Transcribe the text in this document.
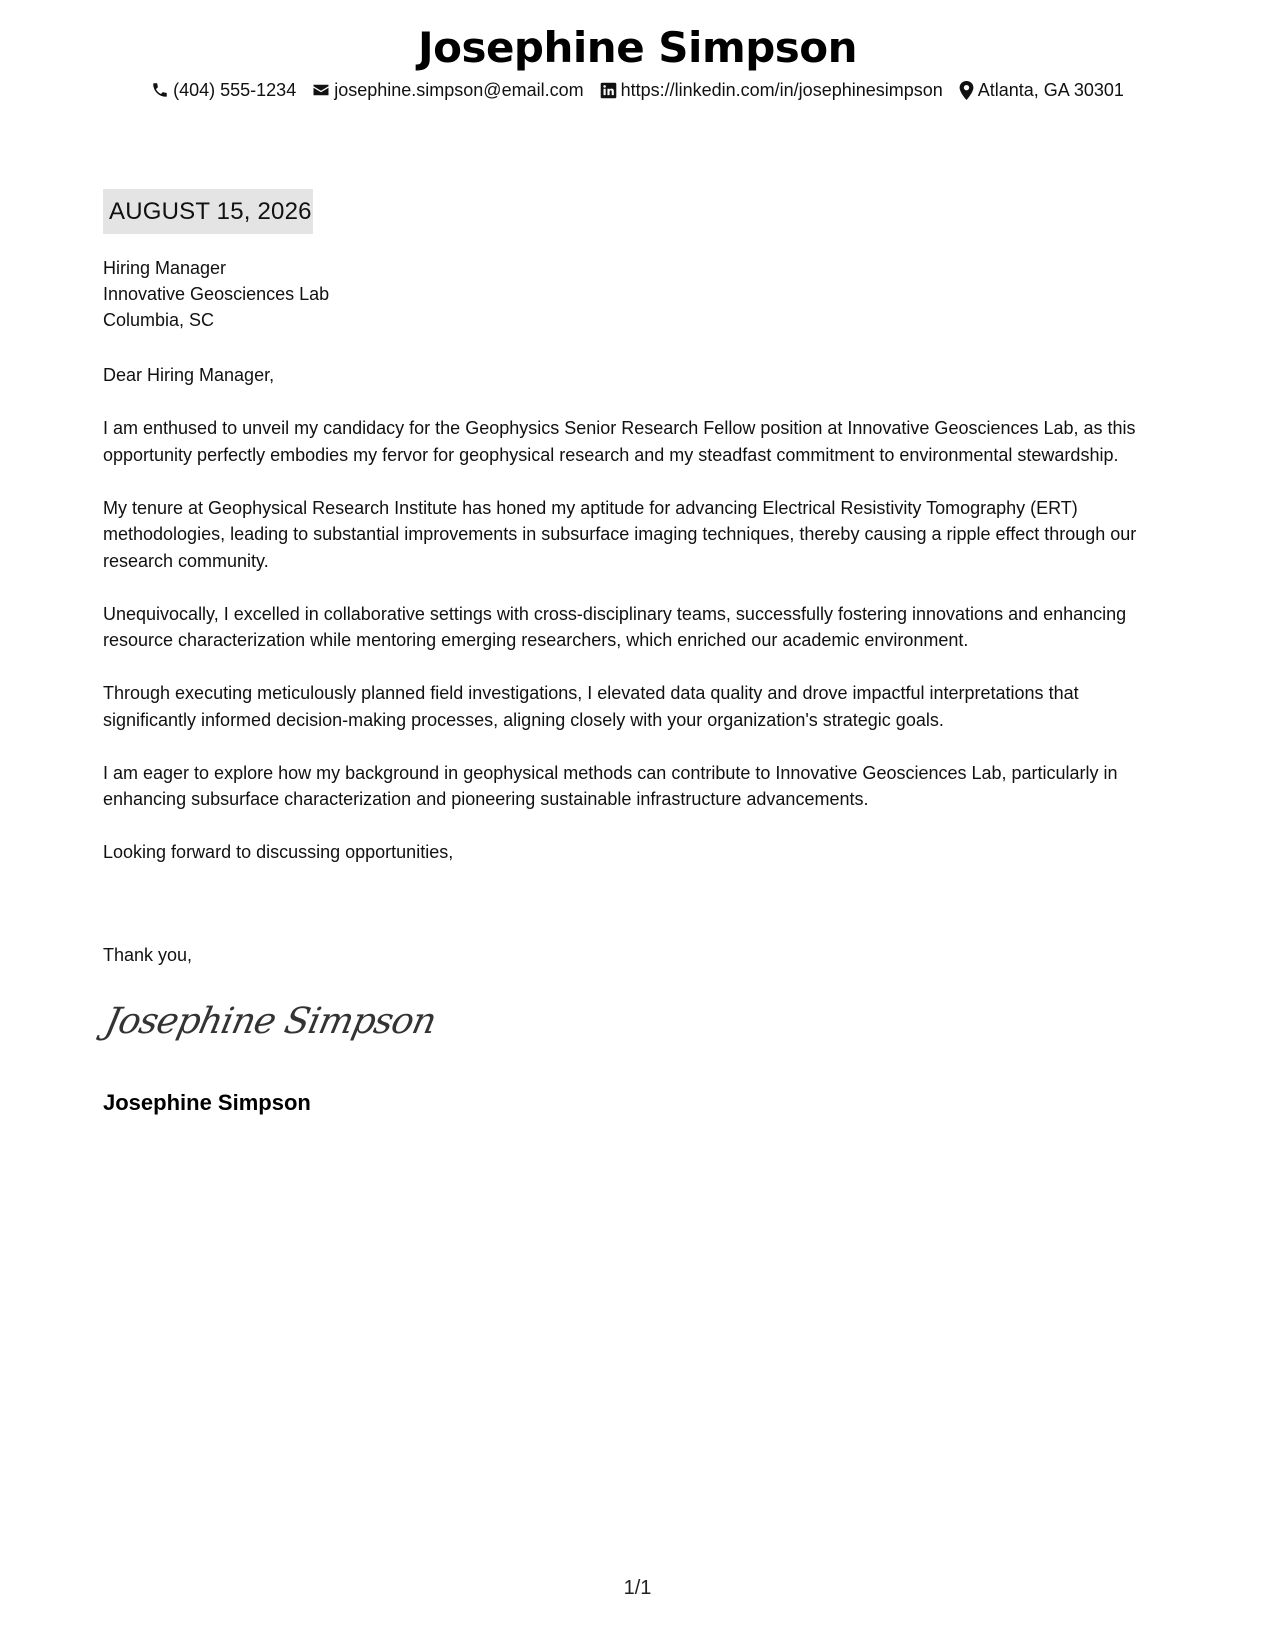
Josephine Simpson
(404) 555-1234 josephine.simpson@email.com https://linkedin.com/in/josephinesimpson Atlanta, GA 30301
AUGUST 15, 2026
Hiring Manager
Innovative Geosciences Lab
Columbia, SC

Dear Hiring Manager,

I am enthused to unveil my candidacy for the Geophysics Senior Research Fellow position at Innovative Geosciences Lab, as this opportunity perfectly embodies my fervor for geophysical research and my steadfast commitment to environmental stewardship.

My tenure at Geophysical Research Institute has honed my aptitude for advancing Electrical Resistivity Tomography (ERT) methodologies, leading to substantial improvements in subsurface imaging techniques, thereby causing a ripple effect through our research community.

Unequivocally, I excelled in collaborative settings with cross-disciplinary teams, successfully fostering innovations and enhancing resource characterization while mentoring emerging researchers, which enriched our academic environment.

Through executing meticulously planned field investigations, I elevated data quality and drove impactful interpretations that significantly informed decision-making processes, aligning closely with your organization's strategic goals.

I am eager to explore how my background in geophysical methods can contribute to Innovative Geosciences Lab, particularly in enhancing subsurface characterization and pioneering sustainable infrastructure advancements.

Looking forward to discussing opportunities,

Thank you,
Josephine Simpson
Josephine Simpson
1/1
